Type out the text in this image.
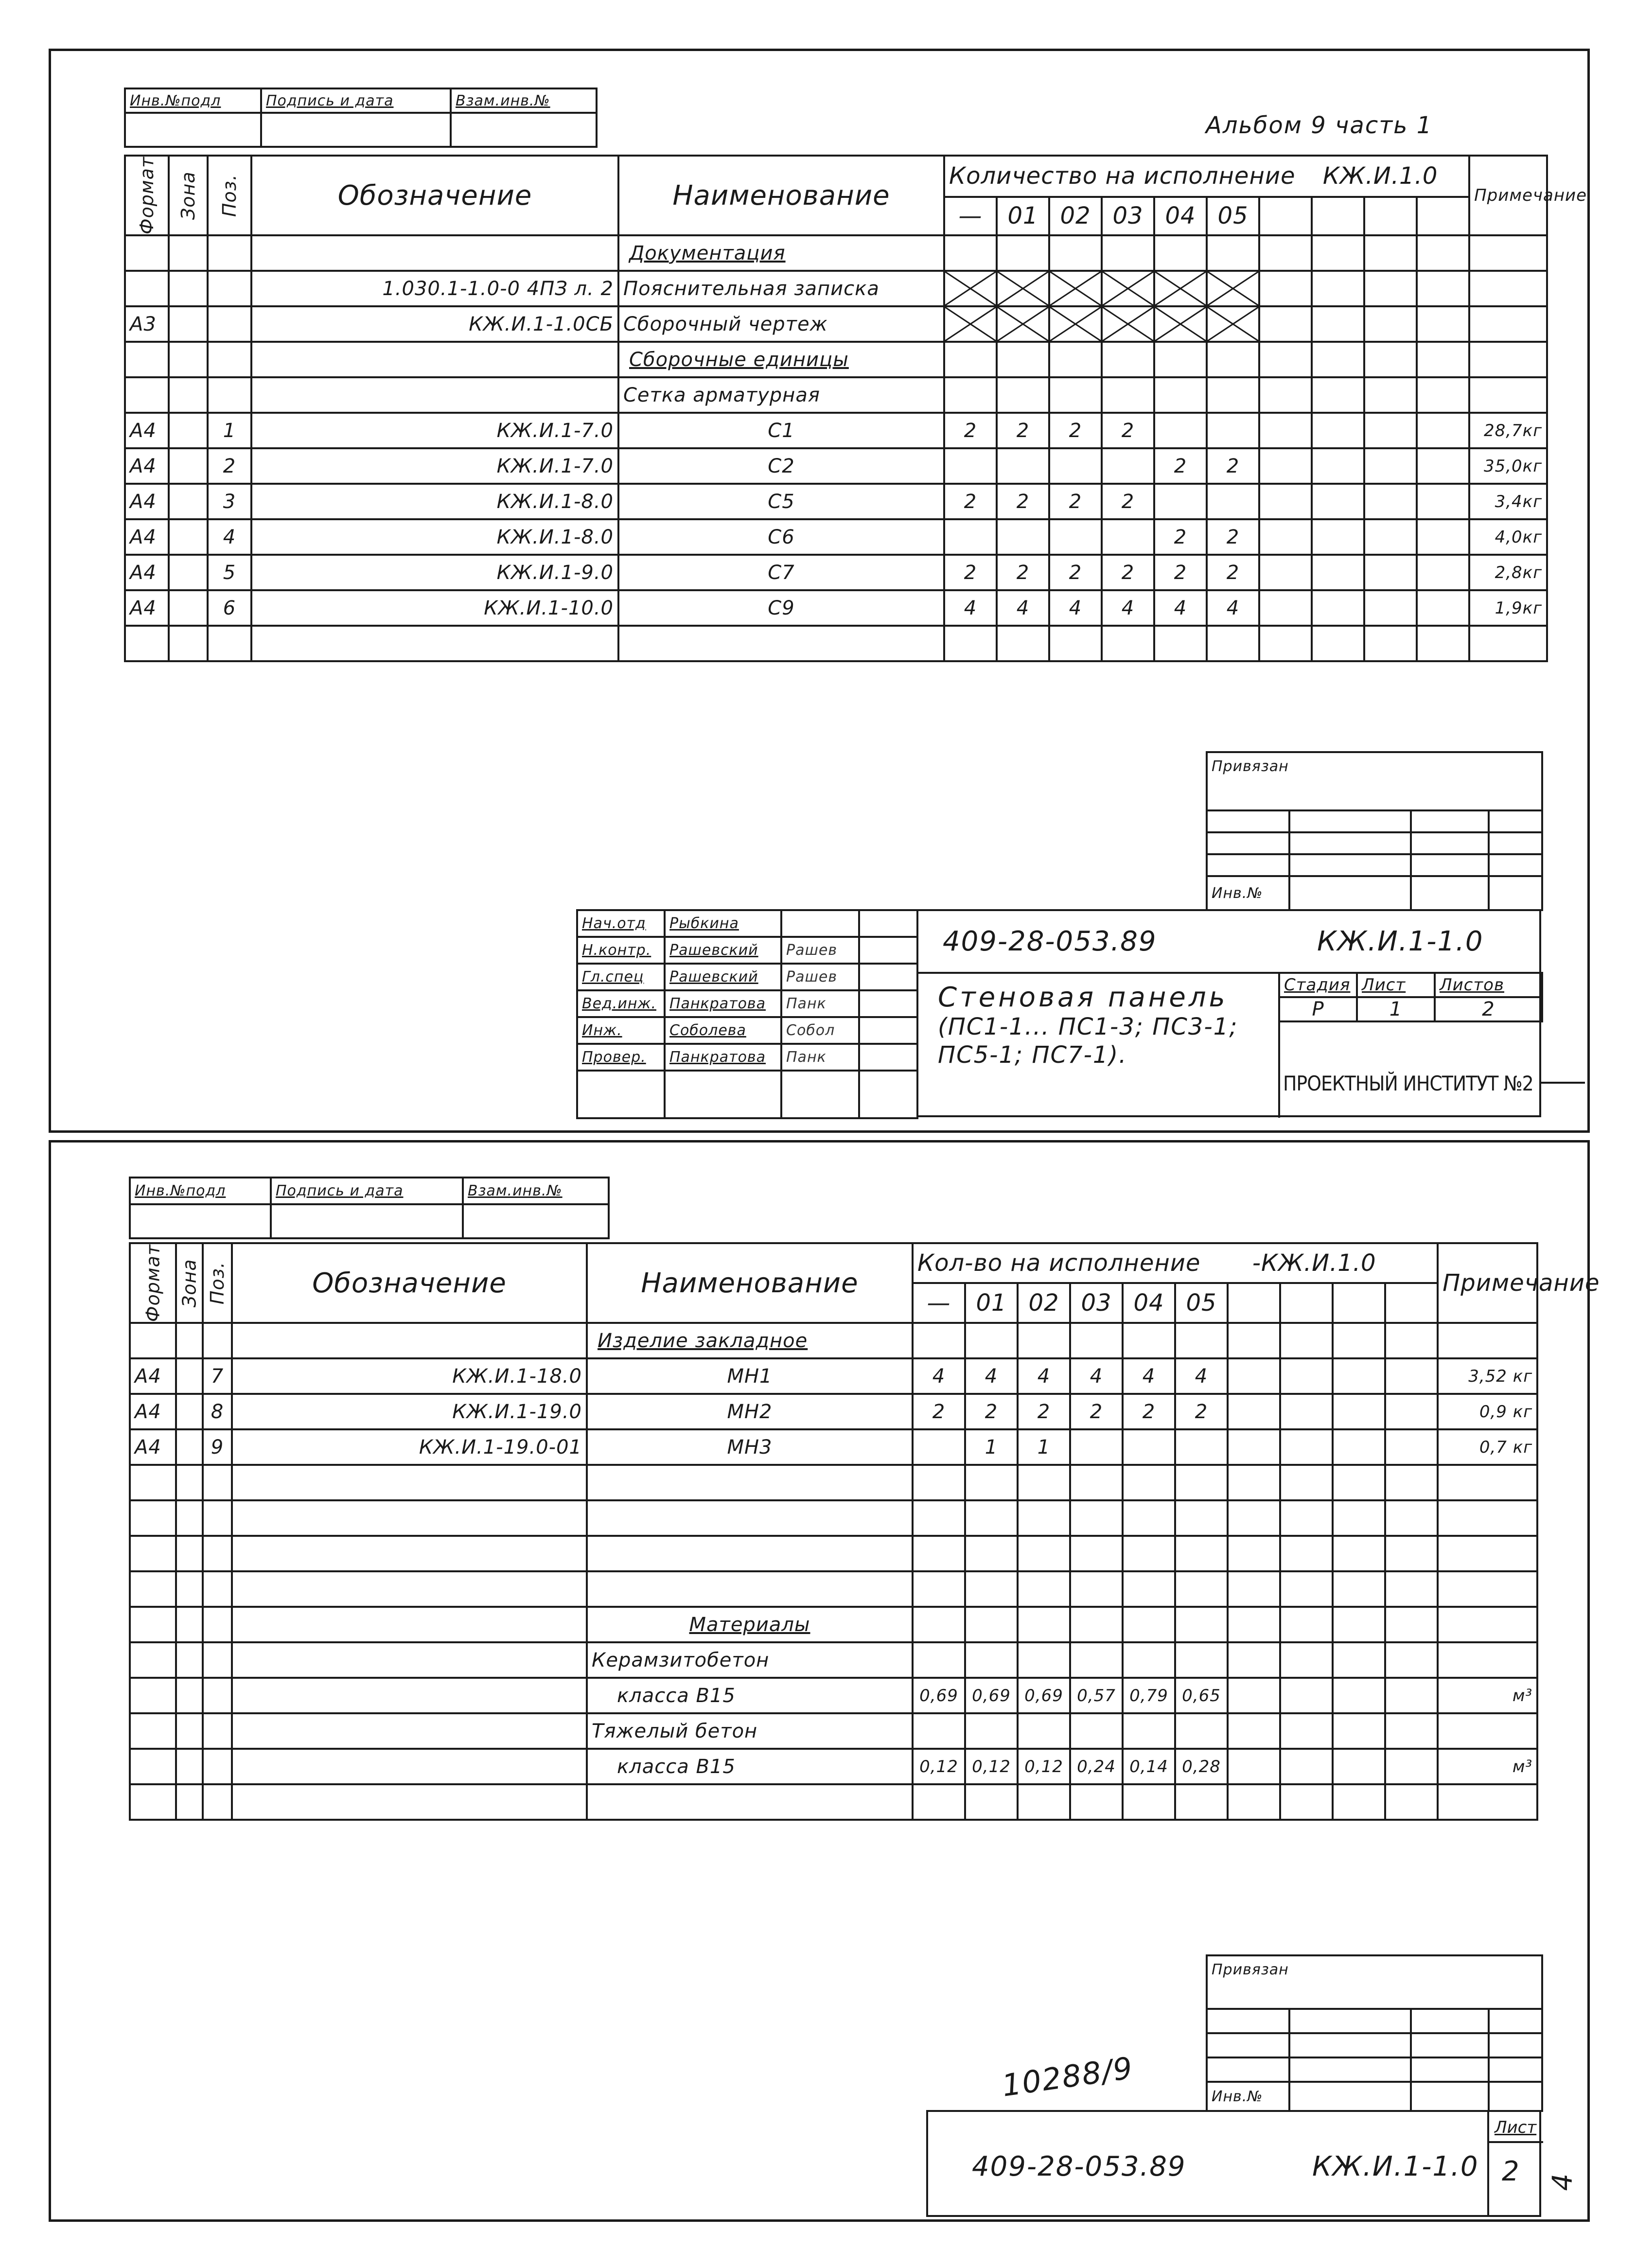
Инв.№подл	Подпись и дата	Взам.инв.№

Альбом 9 часть 1
Формат	Зона	Поз.	Обозначение	Наименование	Количество на исполнение КЖ.И.1.0										Примечание
					—	01	02	03	04	05					
				Документация											
			1.030.1-1.0-0 4ПЗ л. 2	Пояснительная записка	

А3			КЖ.И.1-1.0СБ	Сборочный чертеж	

				Сборочные единицы											
				Сетка арматурная											
А4		1	КЖ.И.1-7.0	С1	2	2	2	2							28,7кг
А4		2	КЖ.И.1-7.0	С2					2	2					35,0кг
А4		3	КЖ.И.1-8.0	С5	2	2	2	2							3,4кг
А4		4	КЖ.И.1-8.0	С6					2	2					4,0кг
А4		5	КЖ.И.1-9.0	С7	2	2	2	2	2	2					2,8кг
А4		6	КЖ.И.1-10.0	С9	4	4	4	4	4	4					1,9кг

Привязан			

Инв.№			
Нач.отд	Рыбкина		
Н.контр.	Рашевский	Рашев	
Гл.спец	Рашевский	Рашев	
Вед.инж.	Панкратова	Панк	
Инж.	Соболева	Собол	
Провер.	Панкратова	Панк	

409-28-053.89	КЖ.И.1-1.0
Стеновая панель
(ПС1-1... ПС1-3; ПС3-1;
ПС5-1; ПС7-1).
Стадия	Лист	Листов
Р	1	2
ПРОЕКТНЫЙ ИНСТИТУТ №2
Инв.№подл	Подпись и дата	Взам.инв.№

Формат	Зона	Поз.	Обозначение	Наименование	Кол-во на исполнение -КЖ.И.1.0										Примечание
					—	01	02	03	04	05					
				Изделие закладное											
А4		7	КЖ.И.1-18.0	МН1	4	4	4	4	4	4					3,52 кг
А4		8	КЖ.И.1-19.0	МН2	2	2	2	2	2	2					0,9 кг
А4		9	КЖ.И.1-19.0-01	МН3		1	1								0,7 кг

				Материалы											
				Керамзитобетон											
				класса В15	0,69	0,69	0,69	0,57	0,79	0,65					м³
				Тяжелый бетон											
				класса В15	0,12	0,12	0,12	0,24	0,14	0,28					м³

Привязан			

Инв.№			
10288/9
409-28-053.89	КЖ.И.1-1.0
Лист
2 4
